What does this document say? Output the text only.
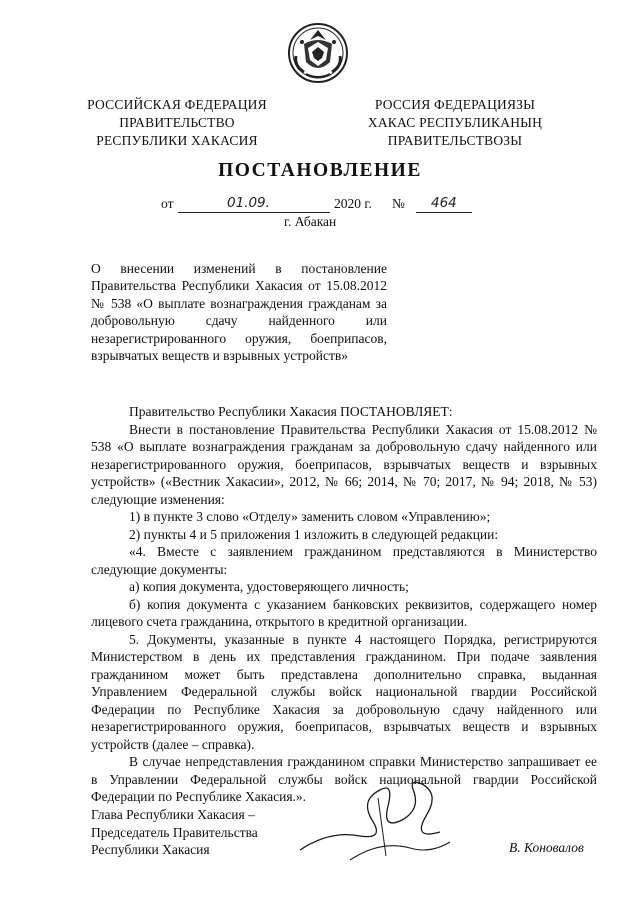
РОССИЙСКАЯ ФЕДЕРАЦИЯ
ПРАВИТЕЛЬСТВО
РЕСПУБЛИКИ ХАКАСИЯ
РОССИЯ ФЕДЕРАЦИЯЗЫ
ХАКАС РЕСПУБЛИКАНЫҢ
ПРАВИТЕЛЬСТВОЗЫ
ПОСТАНОВЛЕНИЕ
от	01.09.	2020 г. № 464
г. Абакан
О внесении изменений в постановление Правительства Республики Хакасия от 15.08.2012 № 538 «О выплате вознаграждения гражданам за добровольную сдачу найденного или незарегистрированного оружия, боеприпасов, взрывчатых веществ и взрывных устройств»

Правительство Республики Хакасия ПОСТАНОВЛЯЕТ:

Внести в постановление Правительства Республики Хакасия от 15.08.2012 № 538 «О выплате вознаграждения гражданам за добровольную сдачу найденного или незарегистрированного оружия, боеприпасов, взрывчатых веществ и взрывных устройств» («Вестник Хакасии», 2012, № 66; 2014, № 70; 2017, № 94; 2018, № 53) следующие изменения:

1) в пункте 3 слово «Отделу» заменить словом «Управлению»;

2) пункты 4 и 5 приложения 1 изложить в следующей редакции:

«4. Вместе с заявлением гражданином представляются в Министерство следующие документы:

а) копия документа, удостоверяющего личность;

б) копия документа с указанием банковских реквизитов, содержащего номер лицевого счета гражданина, открытого в кредитной организации.

5. Документы, указанные в пункте 4 настоящего Порядка, регистрируются Министерством в день их представления гражданином. При подаче заявления гражданином может быть представлена дополнительно справка, выданная Управлением Федеральной службы войск национальной гвардии Российской Федерации по Республике Хакасия за добровольную сдачу найденного или незарегистрированного оружия, боеприпасов, взрывчатых веществ и взрывных устройств (далее – справка).

В случае непредставления гражданином справки Министерство запрашивает ее в Управлении Федеральной службы войск национальной гвардии Российской Федерации по Республике Хакасия.».

Глава Республики Хакасия –
Председатель Правительства
Республики Хакасия	В. Коновалов
